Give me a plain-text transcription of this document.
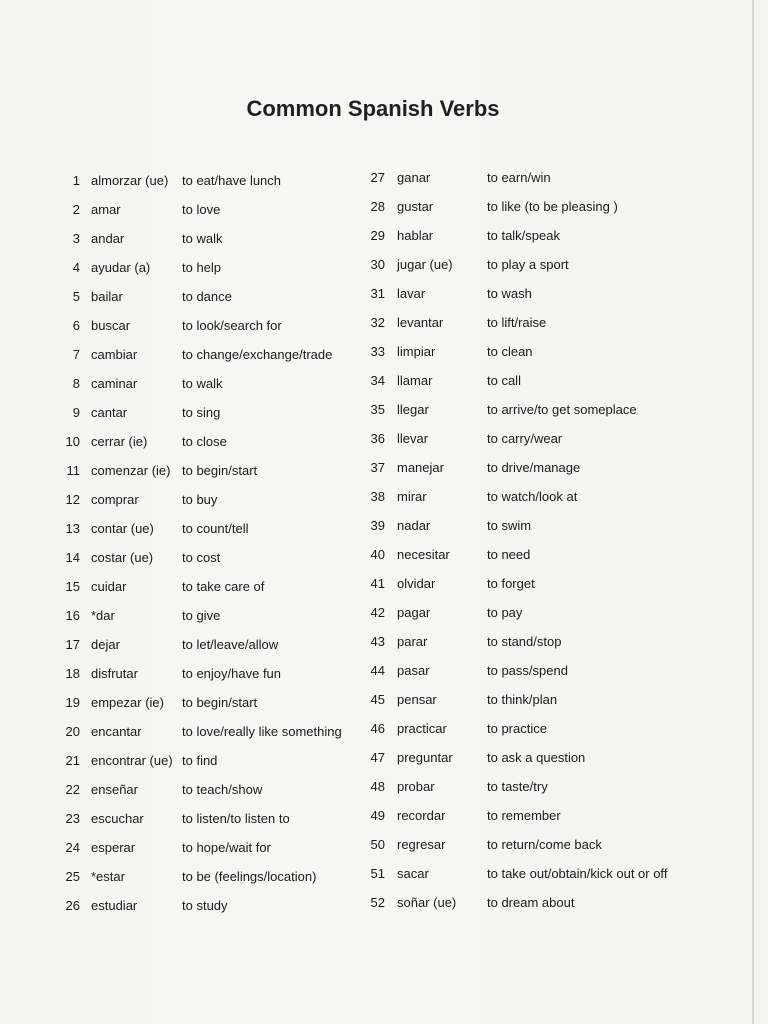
Common Spanish Verbs
1 almorzar (ue) to eat/have lunch
2 amar	to love
3 andar	to walk
4 ayudar (a) to help
5 bailar	to dance
6 buscar	to look/search for
7 cambiar	to change/exchange/trade
8 caminar	to walk
9 cantar	to sing
10 cerrar (ie)	to close
11 comenzar (ie) to begin/start
12 comprar	to buy
13 contar (ue) to count/tell
14 costar (ue) to cost
15 cuidar	to take care of
16 *dar	to give
17 dejar	to let/leave/allow
18 disfrutar	to enjoy/have fun
19 empezar (ie) to begin/start
20 encantar	to love/really like something
21 encontrar (ue) to find
22 enseñar	to teach/show
23 escuchar	to listen/to listen to
24 esperar	to hope/wait for
25 *estar	to be (feelings/location)
26 estudiar	to study
27 ganar	to earn/win
28 gustar	to like (to be pleasing )
29 hablar	to talk/speak
30 jugar (ue)	to play a sport
31 lavar	to wash
32 levantar	to lift/raise
33 limpiar	to clean
34 llamar	to call
35 llegar	to arrive/to get someplace
36 llevar	to carry/wear
37 manejar	to drive/manage
38 mirar	to watch/look at
39 nadar	to swim
40 necesitar	to need
41 olvidar	to forget
42 pagar	to pay
43 parar	to stand/stop
44 pasar	to pass/spend
45 pensar	to think/plan
46 practicar	to practice
47 preguntar	to ask a question
48 probar	to taste/try
49 recordar	to remember
50 regresar	to return/come back
51 sacar	to take out/obtain/kick out or off
52 soñar (ue) to dream about
